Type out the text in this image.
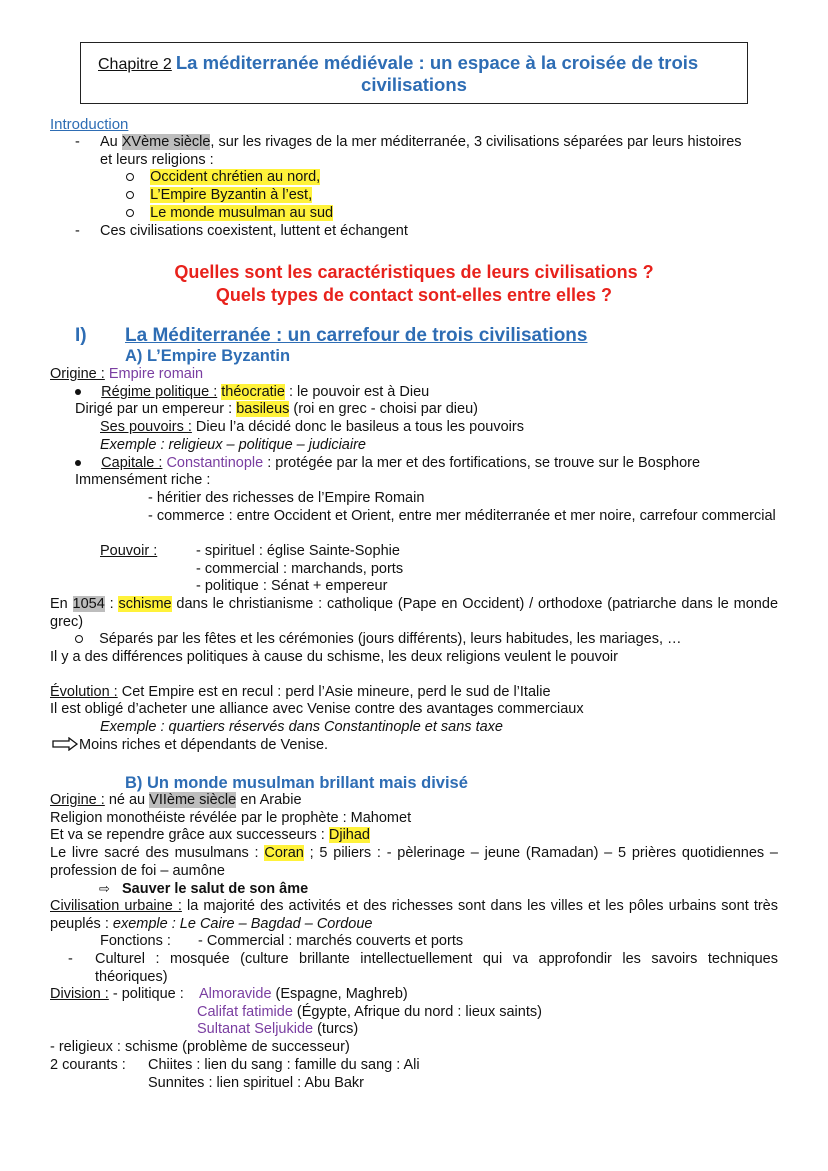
Chapitre 2 La méditerranée médiévale : un espace à la croisée de trois
civilisations
Introduction
- Au XVème siècle, sur les rivages de la mer méditerranée, 3 civilisations séparées par leurs histoires
et leurs religions :
Occident chrétien au nord,
L’Empire Byzantin à l’est,
Le monde musulman au sud
- Ces civilisations coexistent, luttent et échangent
Quelles sont les caractéristiques de leurs civilisations ?
Quels types de contact sont-elles entre elles ?
I) La Méditerranée : un carrefour de trois civilisations
A) L’Empire Byzantin
Origine : Empire romain
Régime politique : théocratie : le pouvoir est à Dieu
Dirigé par un empereur : basileus (roi en grec - choisi par dieu)
Ses pouvoirs : Dieu l’a décidé donc le basileus a tous les pouvoirs
Exemple : religieux – politique – judiciaire
Capitale : Constantinople : protégée par la mer et des fortifications, se trouve sur le Bosphore
Immensément riche :
- héritier des richesses de l’Empire Romain
- commerce : entre Occident et Orient, entre mer méditerranée et mer noire, carrefour commercial
Pouvoir :	- spirituel : église Sainte-Sophie
- commercial : marchands, ports
- politique : Sénat + empereur
En 1054 : schisme dans le christianisme : catholique (Pape en Occident) / orthodoxe (patriarche dans le monde grec)
Séparés par les fêtes et les cérémonies (jours différents), leurs habitudes, les mariages, …
Il y a des différences politiques à cause du schisme, les deux religions veulent le pouvoir
Évolution : Cet Empire est en recul : perd l’Asie mineure, perd le sud de l’Italie
Il est obligé d’acheter une alliance avec Venise contre des avantages commerciaux
Exemple : quartiers réservés dans Constantinople et sans taxe
Moins riches et dépendants de Venise.
B) Un monde musulman brillant mais divisé
Origine : né au VIIème siècle en Arabie
Religion monothéiste révélée par le prophète : Mahomet
Et va se rependre grâce aux successeurs : Djihad
Le livre sacré des musulmans : Coran ; 5 piliers : - pèlerinage – jeune (Ramadan) – 5 prières quotidiennes – profession de foi – aumône
⇨ Sauver le salut de son âme
Civilisation urbaine : la majorité des activités et des richesses sont dans les villes et les pôles urbains sont très peuplés : exemple : Le Caire – Bagdad – Cordoue
Fonctions : - Commercial : marchés couverts et ports
- Culturel : mosquée (culture brillante intellectuellement qui va approfondir les savoirs techniques théoriques)
Division : - politique : Almoravide (Espagne, Maghreb)
Califat fatimide (Égypte, Afrique du nord : lieux saints)
Sultanat Seljukide (turcs)
- religieux : schisme (problème de successeur)
2 courants : Chiites : lien du sang : famille du sang : Ali
Sunnites : lien spirituel : Abu Bakr
